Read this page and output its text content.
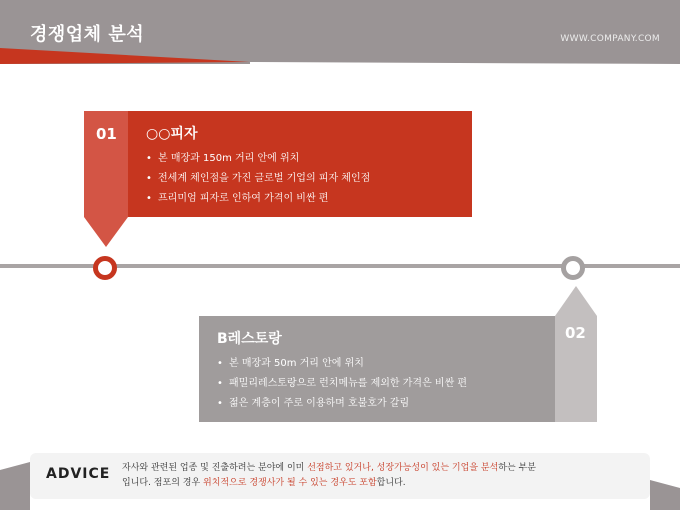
경쟁업체 분석	WWW.COMPANY.COM
01 ○○피자
• 본 매장과 150m 거리 안에 위치
• 전세계 체인점을 가진 글로벌 기업의 피자 체인점
• 프리미엄 피자로 인하여 가격이 비싼 편
02
B레스토랑
• 본 매장과 50m 거리 안에 위치
• 패밀리레스토랑으로 런치메뉴를 제외한 가격은 비싼 편
• 젊은 계층이 주로 이용하며 호불호가 갈림
ADVICE 자사와 관련된 업종 및 진출하려는 분야에 이미 선점하고 있거나, 성장가능성이 있는 기업을 분석하는 부분
입니다. 점포의 경우 위치적으로 경쟁사가 될 수 있는 경우도 포함합니다.
